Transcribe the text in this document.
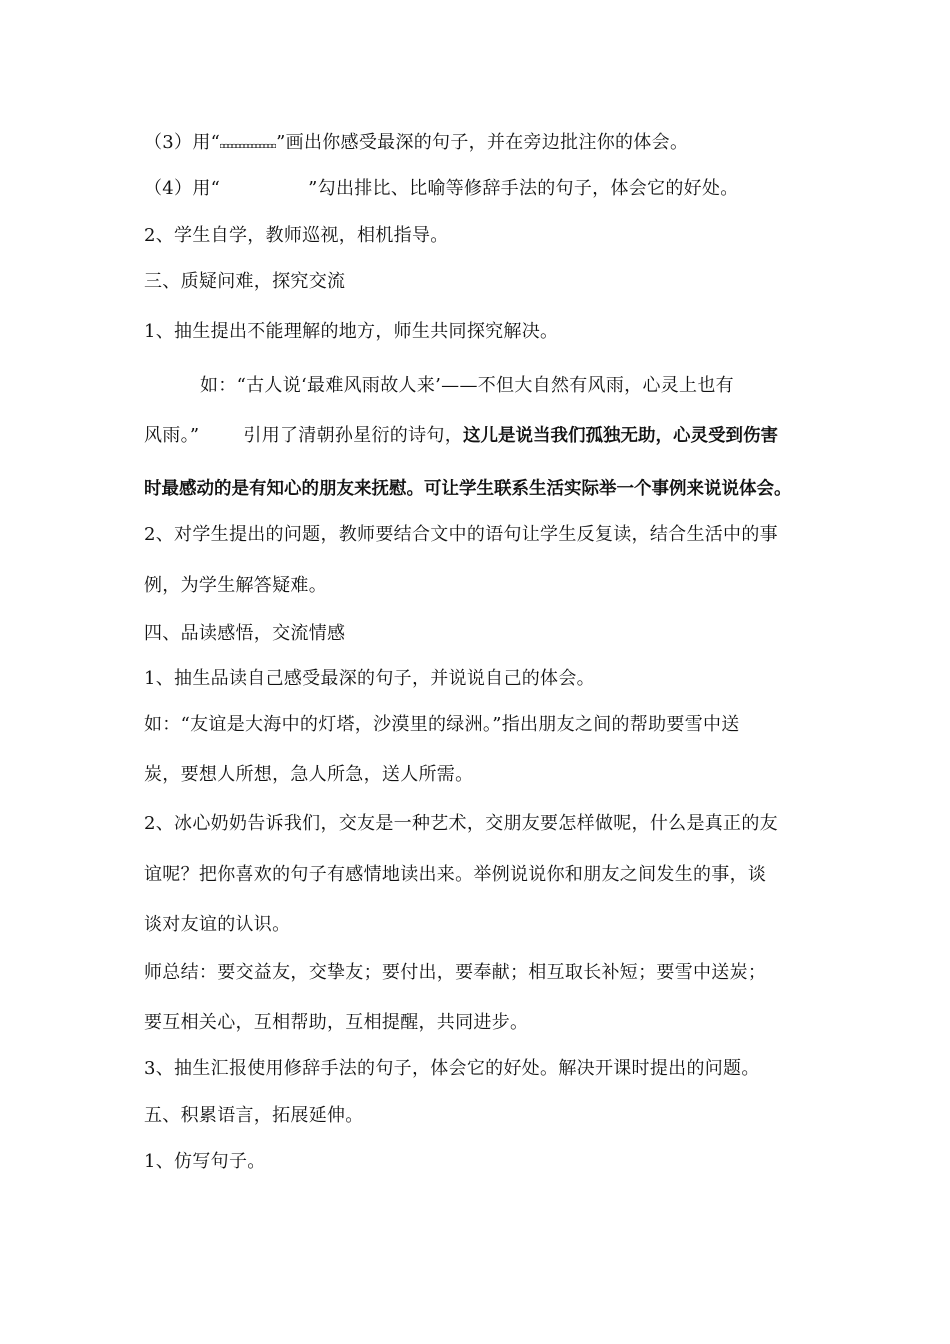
（3）用“	”画出你感受最深的句子，并在旁边批注你的体会。
（4）用“	”勾出排比、比喻等修辞手法的句子，体会它的好处。
2、学生自学，教师巡视，相机指导。
三、质疑问难，探究交流
1、抽生提出不能理解的地方，师生共同探究解决。
如：“古人说‘最难风雨故人来’——不但大自然有风雨，心灵上也有
风雨。” 引用了清朝孙星衍的诗句，这儿是说当我们孤独无助，心灵受到伤害
时最感动的是有知心的朋友来抚慰。可让学生联系生活实际举一个事例来说说体会。
2、对学生提出的问题，教师要结合文中的语句让学生反复读，结合生活中的事
例，为学生解答疑难。
四、品读感悟，交流情感
1、抽生品读自己感受最深的句子，并说说自己的体会。
如：“友谊是大海中的灯塔，沙漠里的绿洲。”指出朋友之间的帮助要雪中送
炭，要想人所想，急人所急，送人所需。
2、冰心奶奶告诉我们，交友是一种艺术，交朋友要怎样做呢，什么是真正的友
谊呢？把你喜欢的句子有感情地读出来。举例说说你和朋友之间发生的事，谈
谈对友谊的认识。
师总结：要交益友，交挚友；要付出，要奉献；相互取长补短；要雪中送炭；
要互相关心，互相帮助，互相提醒，共同进步。
3、抽生汇报使用修辞手法的句子，体会它的好处。解决开课时提出的问题。
五、积累语言，拓展延伸。
1、仿写句子。
